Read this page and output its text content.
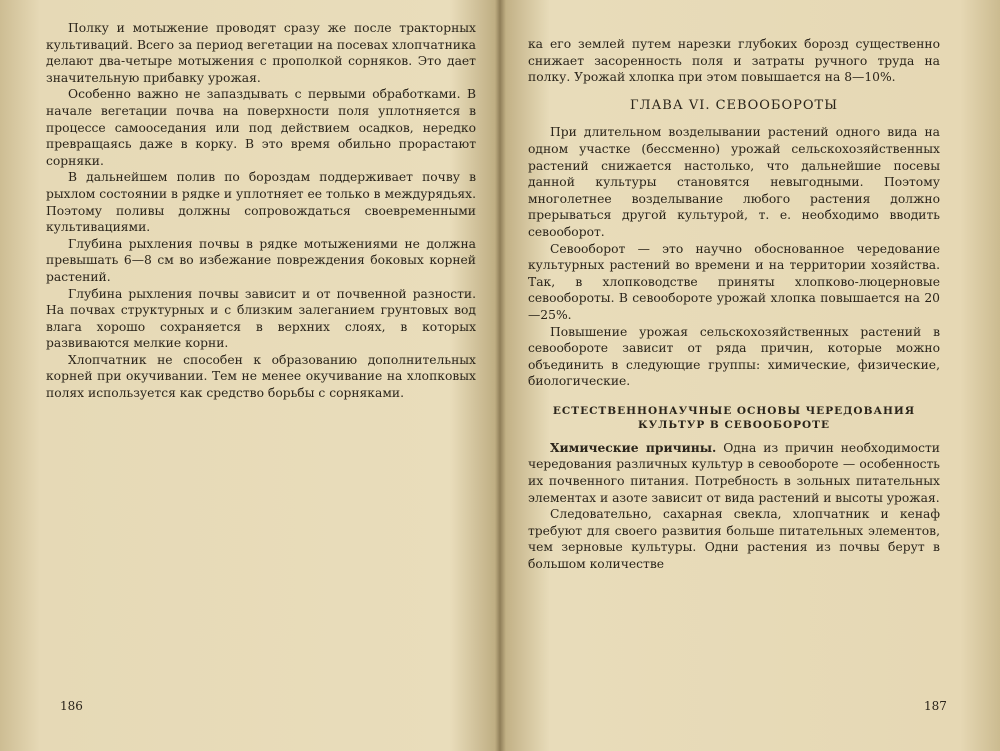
Полку и мотыжение проводят сразу же после тракторных культиваций. Всего за период вегетации на посевах хлопчатника делают два-четыре мотыжения с прополкой сорняков. Это дает значительную прибавку урожая.

Особенно важно не запаздывать с первыми обработками. В начале вегетации почва на поверхности поля уплотняется в процессе самооседания или под действием осадков, нередко превращаясь даже в корку. В это время обильно прорастают сорняки.

В дальнейшем полив по бороздам поддерживает почву в рыхлом состоянии в рядке и уплотняет ее только в междурядьях. Поэтому поливы должны сопровождаться своевременными культивациями.

Глубина рыхления почвы в рядке мотыжениями не должна превышать 6—8 см во избежание повреждения боковых корней растений.

Глубина рыхления почвы зависит и от почвенной разности. На почвах структурных и с близким залеганием грунтовых вод влага хорошо сохраняется в верхних слоях, в которых развиваются мелкие корни.

Хлопчатник не способен к образованию дополнительных корней при окучивании. Тем не менее окучивание на хлопковых полях используется как средство борьбы с сорняками.

186

ка его землей путем нарезки глубоких борозд существенно снижает засоренность поля и затраты ручного труда на полку. Урожай хлопка при этом повышается на 8—10%.

ГЛАВА VI. СЕВООБОРОТЫ

При длительном возделывании растений одного вида на одном участке (бессменно) урожай сельскохозяйственных растений снижается настолько, что дальнейшие посевы данной культуры становятся невыгодными. Поэтому многолетнее возделывание любого растения должно прерываться другой культурой, т. е. необходимо вводить севооборот.

Севооборот — это научно обоснованное чередование культурных растений во времени и на территории хозяйства. Так, в хлопководстве приняты хлопково-люцерновые севообороты. В севообороте урожай хлопка повышается на 20—25%.

Повышение урожая сельскохозяйственных растений в севообороте зависит от ряда причин, которые можно объединить в следующие группы: химические, физические, биологические.

ЕСТЕСТВЕННОНАУЧНЫЕ ОСНОВЫ ЧЕРЕДОВАНИЯ КУЛЬТУР В СЕВООБОРОТЕ

Химические причины. Одна из причин необходимости чередования различных культур в севообороте — особенность их почвенного питания. Потребность в зольных питательных элементах и азоте зависит от вида растений и высоты урожая.

Следовательно, сахарная свекла, хлопчатник и кенаф требуют для своего развития больше питательных элементов, чем зерновые культуры. Одни растения из почвы берут в большом количестве

187
